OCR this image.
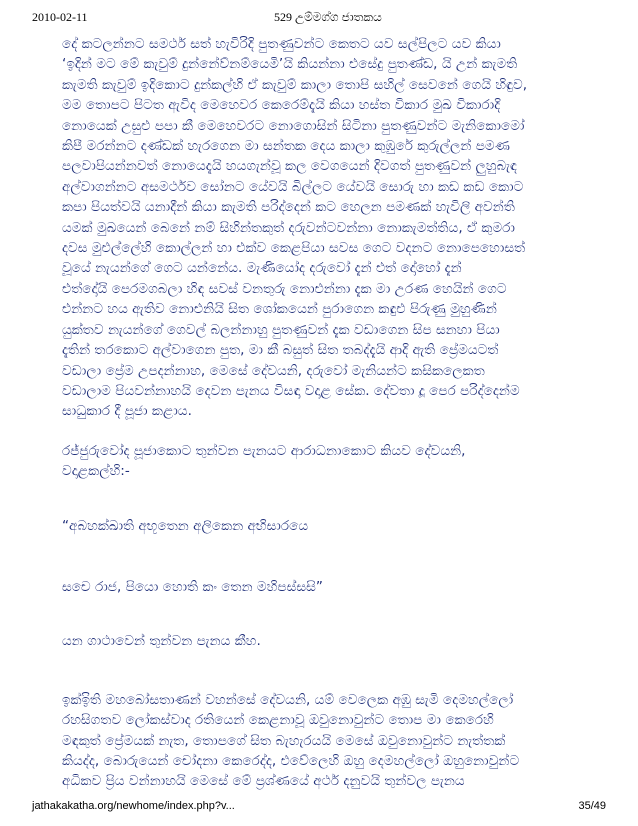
2010-02-11	529 උම්මග්ග ජාතකය
දේ කටලන්නට සමර්ථ සත් හැවිරිදි පුතණුවන්ට කෙතට යව සල්පිලට යව කියා
‘ඉදින් මට මේ කැවුම් දුන්නේව්නම්යෙමි’යි කියන්නා එසේදු පුතණ්ඩ, යි උන් කැමති
කැමති කැවුම් ඉදිකොට දුන්කල්හි ඒ කැවුම් කාලා තොපි සහිල් සෙවනේ ගෙයි හිඳුව,
මම තොපට පිටත ඇවිද මෙහෙවර කෙරෙම්දැයි කියා හස්ත විකාර මුඛ විකාරාදි
නොයෙක් උසුළු පපා කී මෙහෙවරට නොගොසින් සිටිනා පුතණුවන්ට මැනිකොමෝ
කිපී මරන්නට දණ්ඩක් හැරගෙන මා සන්තක දෙය කාලා කුඹුරේ කුරුල්ලන් පමණ
පලවාපියන්නවත් නොයෙදැයි හයගැන්වූ කල වෙගයෙන් දිවගත් පුතණුවන් ලුහුබැඳ
අල්වාගන්නට අසමර්ථව සෝනට යේවයි බිල්ලට යේවයි සොරු හා කඩ කඩ කොට
කපා පියත්වයි යනාදීන් කියා කැමති පරිද්දෙන් කට හෙලන පමණක් හැවිලි අවන්ති
යමක් මුඛයෙන් බෙනේ නම් සිහින්තකුත් දරුවන්ටවන්නා නොකැමත්තිය, ඒ කුමරා
දවස මුළුල්ලේහි කොල්ලන් හා එක්ව කෙළපියා සවස ගෙට වදනට නොපෙහොසත්
වූයේ නැයන්ගේ ගෙට යන්නේය. මැණියෝද දරුවෝ දැන් එත් දෝහෝ දැන්
එත්දෝයි පෙරමගබලා හිඳ සවස් වනතුරු නොඑන්නා දැක මා උරණ හෙයින් ගෙට
එන්නට හය ඇතිව නොඑනියි සිත ශෝකයෙන් පුරාගෙන කඳුළු පිරුණු මුහුණින්
යුක්තව නැයන්ගේ ගෙවල් බලන්නාහු පුතණුවන් දැක වඩාගෙන සිප සනහා පියා
දැතින් තරකොට අල්වාගෙන පුත, මා කී බසුත් සිත තබද්දැයි ආදි ඇති ප්‍රේමයටත්
වඩාලා ප්‍රේම උපදන්නාහ, මෙසේ දේවයනි, දරුවෝ මැනියන්ට කසිකලෙකත
වඩාලාම පියවන්නාහයි දෙවන පැනය විසඳා වදාළ සේක. දේවතා දූ පෙර පරිද්දෙන්ම
සාධුකාර දී පූජා කළාය.
රජ්ජුරුවෝද පූජාකොට තුන්වන පැනයට ආරාධනාකොට කියව දේවයනි,
වදාළකල්හි:-
“අබහක්ඛාති අභූතෙන අලිකෙන අභිසාරයෙ
සචෙ රාජ, පියො හොති කං තෙන මහිපස්සසි”
යන ගාථාවෙන් තුන්වන පැනය කීහ.
ඉක්ඉිති මහබෝසතාණන් වහන්සේ දේවයනි, යම් වෙලෙක අඹු සැමි දෙමහල්ලෝ
රහසිගතව ලෝකස්වාද රතියෙන් කෙළනාවූ ඔවුනොවුන්ට තොප මා කෙරෙහි
මඳකුත් ප්‍රේමයක් නැත, තොපගේ සිත බැහැරයයි මෙසේ ඔවුනොවුන්ට නැත්තක්
කියද්ද, බොරුයෙන් චෝදනා කෙරෙද්ද, එවේලෙහි ඔහු දෙමහල්ලෝ ඔහුනොවුන්ට
අධිකව ප්‍රිය වන්නාහයි මෙසේ මේ ප්‍රශ්ණයේ අර්ථ දනුවයි තුන්වල පැනය
jathakakatha.org/newhome/index.php?v...	35/49
